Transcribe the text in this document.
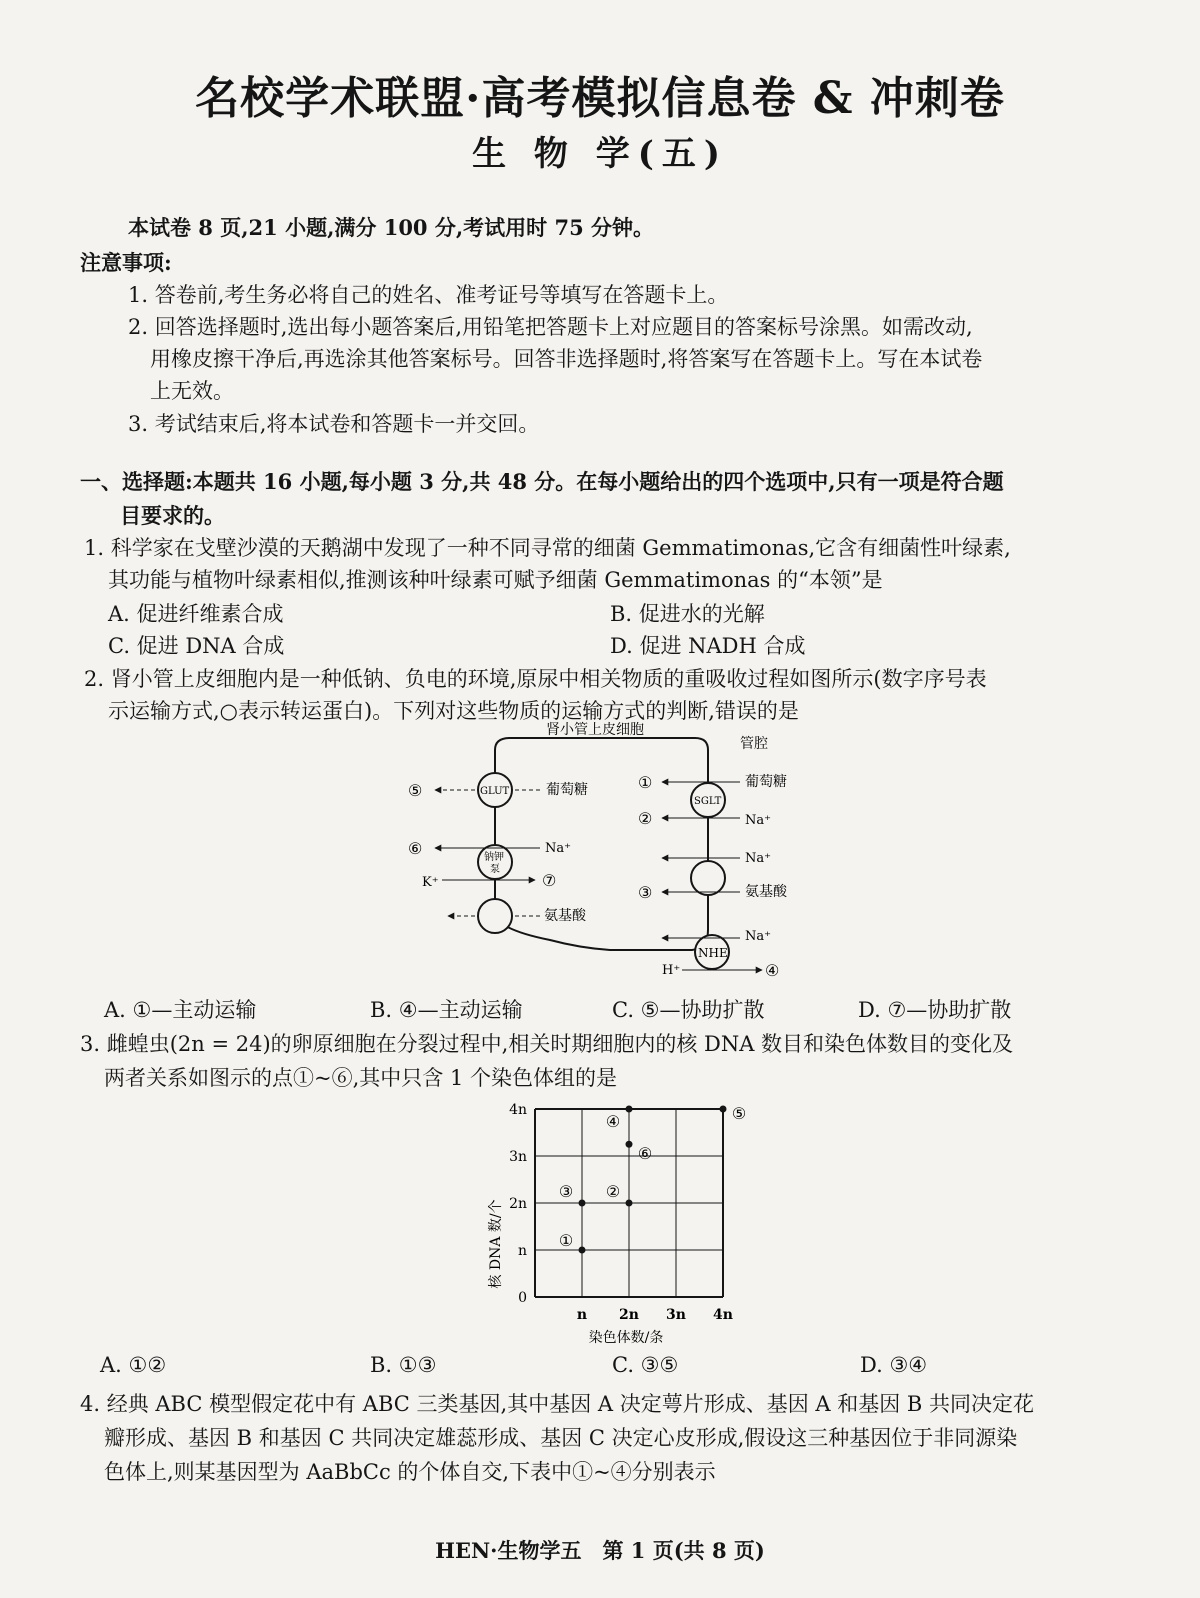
名校学术联盟·高考模拟信息卷 & 冲刺卷
生 物 学(五)
本试卷 8 页,21 小题,满分 100 分,考试用时 75 分钟。
注意事项:
1. 答卷前,考生务必将自己的姓名、准考证号等填写在答题卡上。
2. 回答选择题时,选出每小题答案后,用铅笔把答题卡上对应题目的答案标号涂黑。如需改动,
用橡皮擦干净后,再选涂其他答案标号。回答非选择题时,将答案写在答题卡上。写在本试卷
上无效。
3. 考试结束后,将本试卷和答题卡一并交回。
一、选择题:本题共 16 小题,每小题 3 分,共 48 分。在每小题给出的四个选项中,只有一项是符合题
目要求的。
1. 科学家在戈壁沙漠的天鹅湖中发现了一种不同寻常的细菌 Gemmatimonas,它含有细菌性叶绿素,
其功能与植物叶绿素相似,推测该种叶绿素可赋予细菌 Gemmatimonas 的“本领”是
A. 促进纤维素合成	B. 促进水的光解
C. 促进 DNA 合成	D. 促进 NADH 合成
2. 肾小管上皮细胞内是一种低钠、负电的环境,原尿中相关物质的重吸收过程如图所示(数字序号表
示运输方式,○表示转运蛋白)。下列对这些物质的运输方式的判断,错误的是
肾小管上皮细胞
管腔
GLUT
⑤	葡萄糖
钠钾
泵
⑥	Na⁺
K⁺	⑦
氨基酸
SGLT
①	葡萄糖
②	Na⁺
Na⁺
③	氨基酸
NHE
Na⁺
H⁺	④
A. ①—主动运输	B. ④—主动运输	C. ⑤—协助扩散	D. ⑦—协助扩散
3. 雌蝗虫(2n = 24)的卵原细胞在分裂过程中,相关时期细胞内的核 DNA 数目和染色体数目的变化及
两者关系如图示的点①~⑥,其中只含 1 个染色体组的是
n 2n 3n 4n
0
n
2n
3n
4n
①
②
③
④	⑤
⑥
核 DNA 数/个
染色体数/条
A. ①②	B. ①③	C. ③⑤	D. ③④
4. 经典 ABC 模型假定花中有 ABC 三类基因,其中基因 A 决定萼片形成、基因 A 和基因 B 共同决定花
瓣形成、基因 B 和基因 C 共同决定雄蕊形成、基因 C 决定心皮形成,假设这三种基因位于非同源染
色体上,则某基因型为 AaBbCc 的个体自交,下表中①~④分别表示
HEN·生物学五　第 1 页(共 8 页)
